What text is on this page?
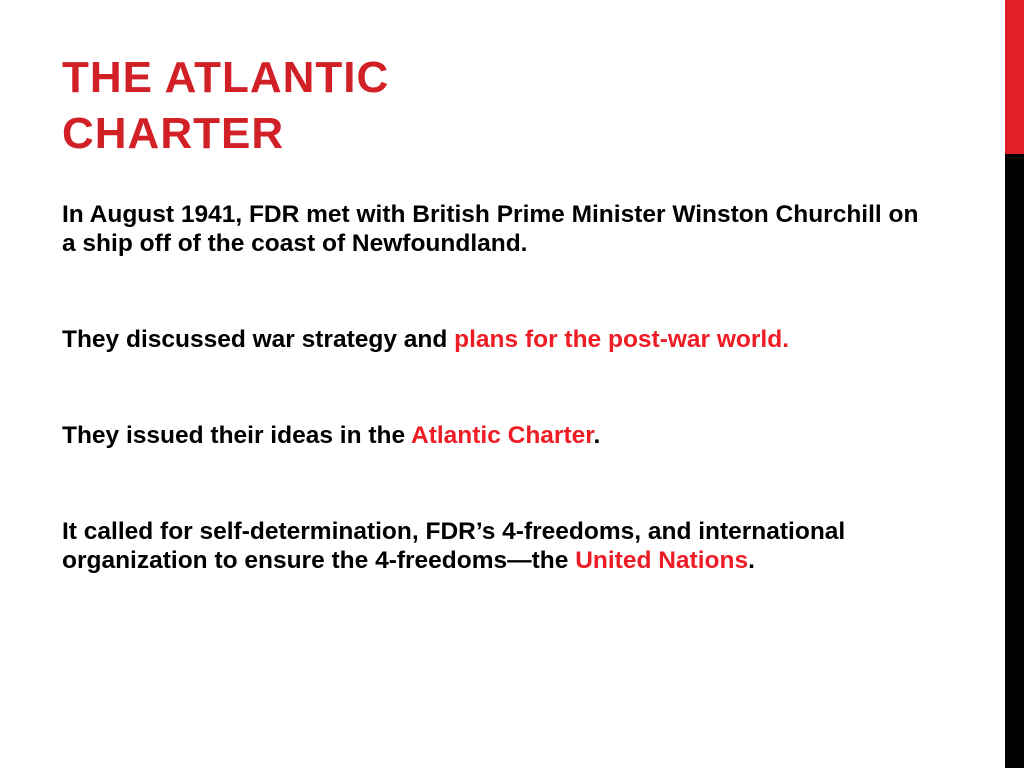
THE ATLANTIC
CHARTER

In August 1941, FDR met with British Prime Minister Winston Churchill on a ship off of the coast of Newfoundland.

They discussed war strategy and plans for the post-war world.

They issued their ideas in the Atlantic Charter.

It called for self-determination, FDR’s 4-freedoms, and international organization to ensure the 4-freedoms—the United Nations.
